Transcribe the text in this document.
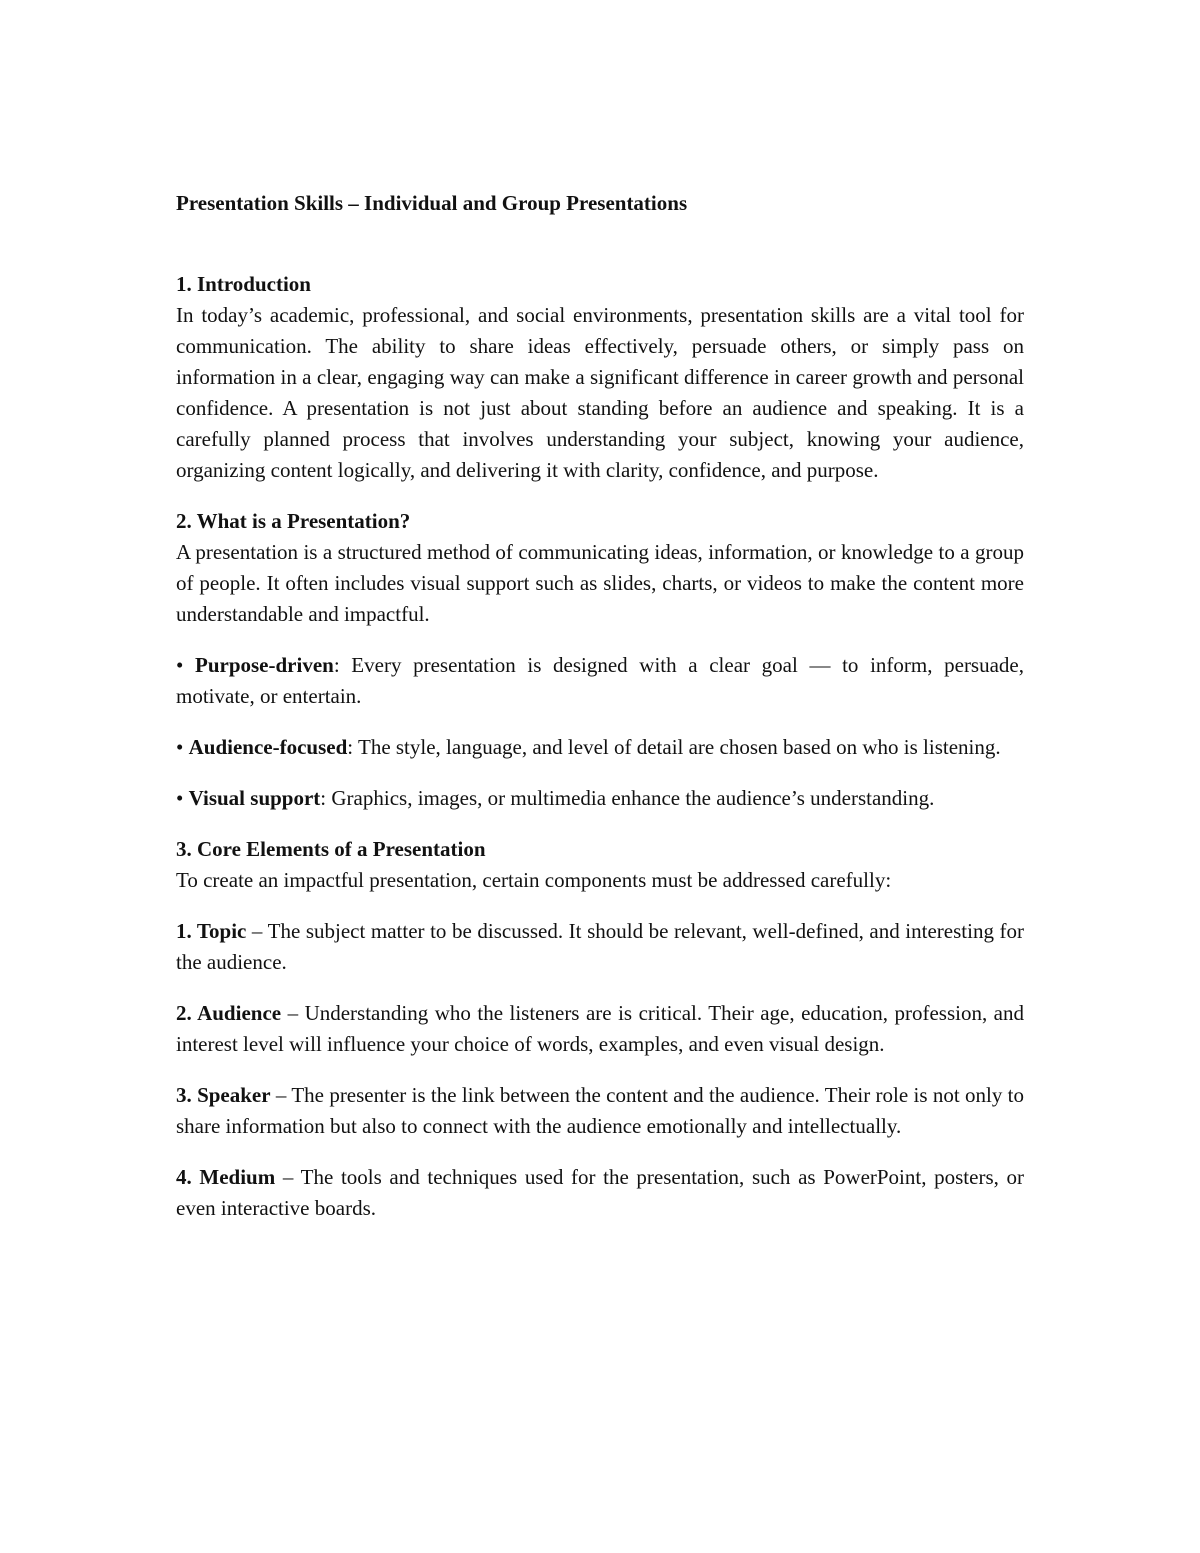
Presentation Skills – Individual and Group Presentations

1. Introduction

In today’s academic, professional, and social environments, presentation skills are a vital tool for communication. The ability to share ideas effectively, persuade others, or simply pass on information in a clear, engaging way can make a significant difference in career growth and personal confidence. A presentation is not just about standing before an audience and speaking. It is a carefully planned process that involves understanding your subject, knowing your audience, organizing content logically, and delivering it with clarity, confidence, and purpose.

2. What is a Presentation?

A presentation is a structured method of communicating ideas, information, or knowledge to a group of people. It often includes visual support such as slides, charts, or videos to make the content more understandable and impactful.

• Purpose-driven: Every presentation is designed with a clear goal — to inform, persuade, motivate, or entertain.

• Audience-focused: The style, language, and level of detail are chosen based on who is listening.

• Visual support: Graphics, images, or multimedia enhance the audience’s understanding.

3. Core Elements of a Presentation

To create an impactful presentation, certain components must be addressed carefully:

1. Topic – The subject matter to be discussed. It should be relevant, well-defined, and interesting for the audience.

2. Audience – Understanding who the listeners are is critical. Their age, education, profession, and interest level will influence your choice of words, examples, and even visual design.

3. Speaker – The presenter is the link between the content and the audience. Their role is not only to share information but also to connect with the audience emotionally and intellectually.

4. Medium – The tools and techniques used for the presentation, such as PowerPoint, posters, or even interactive boards.
